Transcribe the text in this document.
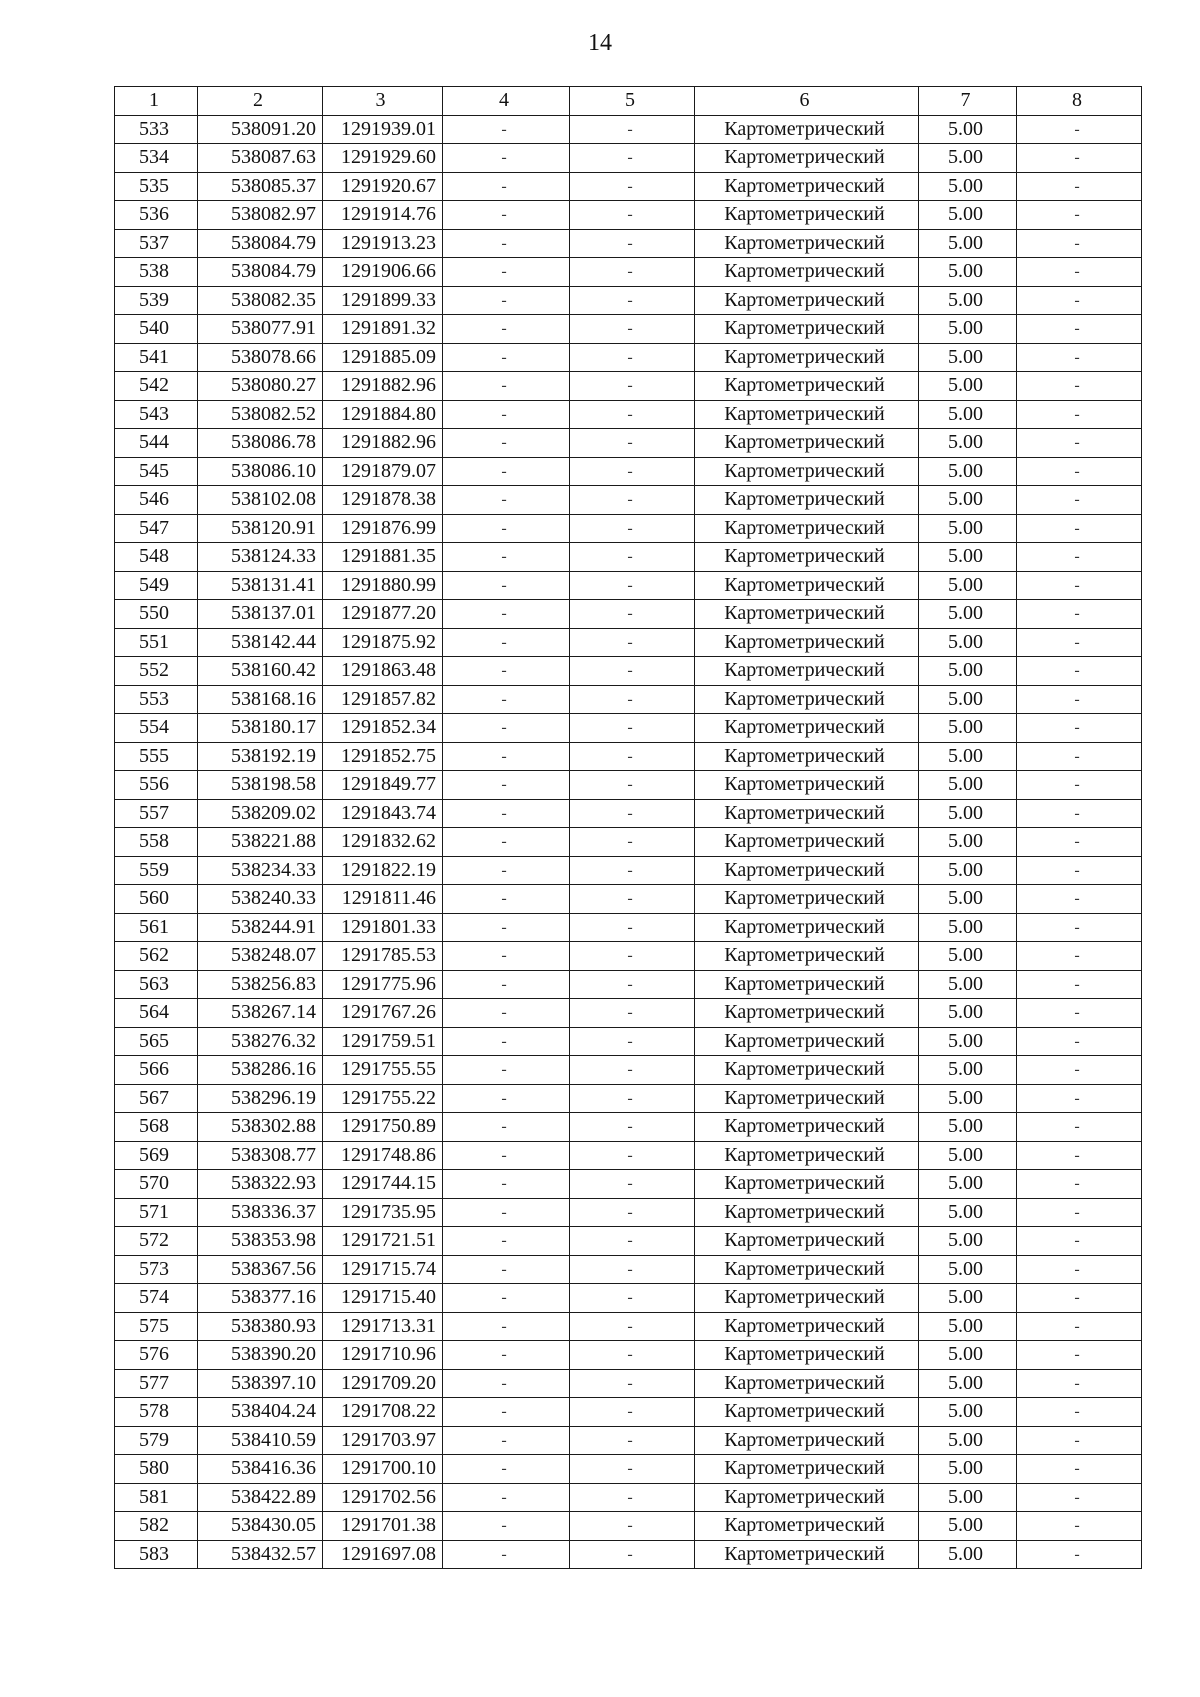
14
1	2	3	4	5	6	7	8
533	538091.20	1291939.01	-	-	Картометрический	5.00	-
534	538087.63	1291929.60	-	-	Картометрический	5.00	-
535	538085.37	1291920.67	-	-	Картометрический	5.00	-
536	538082.97	1291914.76	-	-	Картометрический	5.00	-
537	538084.79	1291913.23	-	-	Картометрический	5.00	-
538	538084.79	1291906.66	-	-	Картометрический	5.00	-
539	538082.35	1291899.33	-	-	Картометрический	5.00	-
540	538077.91	1291891.32	-	-	Картометрический	5.00	-
541	538078.66	1291885.09	-	-	Картометрический	5.00	-
542	538080.27	1291882.96	-	-	Картометрический	5.00	-
543	538082.52	1291884.80	-	-	Картометрический	5.00	-
544	538086.78	1291882.96	-	-	Картометрический	5.00	-
545	538086.10	1291879.07	-	-	Картометрический	5.00	-
546	538102.08	1291878.38	-	-	Картометрический	5.00	-
547	538120.91	1291876.99	-	-	Картометрический	5.00	-
548	538124.33	1291881.35	-	-	Картометрический	5.00	-
549	538131.41	1291880.99	-	-	Картометрический	5.00	-
550	538137.01	1291877.20	-	-	Картометрический	5.00	-
551	538142.44	1291875.92	-	-	Картометрический	5.00	-
552	538160.42	1291863.48	-	-	Картометрический	5.00	-
553	538168.16	1291857.82	-	-	Картометрический	5.00	-
554	538180.17	1291852.34	-	-	Картометрический	5.00	-
555	538192.19	1291852.75	-	-	Картометрический	5.00	-
556	538198.58	1291849.77	-	-	Картометрический	5.00	-
557	538209.02	1291843.74	-	-	Картометрический	5.00	-
558	538221.88	1291832.62	-	-	Картометрический	5.00	-
559	538234.33	1291822.19	-	-	Картометрический	5.00	-
560	538240.33	1291811.46	-	-	Картометрический	5.00	-
561	538244.91	1291801.33	-	-	Картометрический	5.00	-
562	538248.07	1291785.53	-	-	Картометрический	5.00	-
563	538256.83	1291775.96	-	-	Картометрический	5.00	-
564	538267.14	1291767.26	-	-	Картометрический	5.00	-
565	538276.32	1291759.51	-	-	Картометрический	5.00	-
566	538286.16	1291755.55	-	-	Картометрический	5.00	-
567	538296.19	1291755.22	-	-	Картометрический	5.00	-
568	538302.88	1291750.89	-	-	Картометрический	5.00	-
569	538308.77	1291748.86	-	-	Картометрический	5.00	-
570	538322.93	1291744.15	-	-	Картометрический	5.00	-
571	538336.37	1291735.95	-	-	Картометрический	5.00	-
572	538353.98	1291721.51	-	-	Картометрический	5.00	-
573	538367.56	1291715.74	-	-	Картометрический	5.00	-
574	538377.16	1291715.40	-	-	Картометрический	5.00	-
575	538380.93	1291713.31	-	-	Картометрический	5.00	-
576	538390.20	1291710.96	-	-	Картометрический	5.00	-
577	538397.10	1291709.20	-	-	Картометрический	5.00	-
578	538404.24	1291708.22	-	-	Картометрический	5.00	-
579	538410.59	1291703.97	-	-	Картометрический	5.00	-
580	538416.36	1291700.10	-	-	Картометрический	5.00	-
581	538422.89	1291702.56	-	-	Картометрический	5.00	-
582	538430.05	1291701.38	-	-	Картометрический	5.00	-
583	538432.57	1291697.08	-	-	Картометрический	5.00	-
